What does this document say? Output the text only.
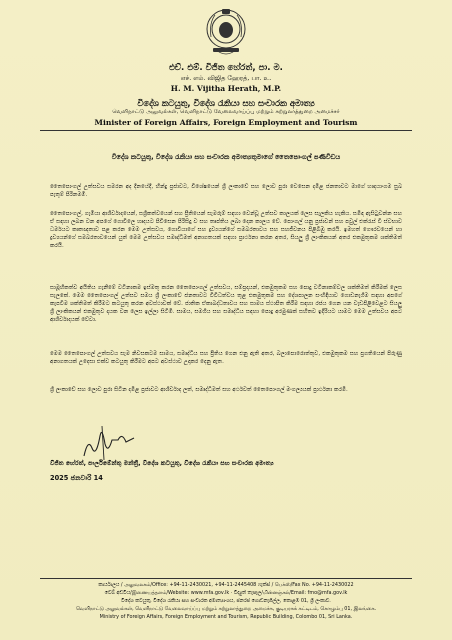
එච්. එම්. විජිත හේරත්, පා. ම.
எச். எம். விஜித ஹேரத், பா. உ.
H. M. Vijitha Herath, M.P.
විදේශ කටයුතු, විදේශ රැකියා සහ සංචාරක අමාත්‍ය
வெளிநாட்டு அலுவல்கள், வெளிநாட்டு வேலைவாய்ப்பு மற்றும் சுற்றுலாத்துறை அமைச்சர்
Minister of Foreign Affairs, Foreign Employment and Tourism
විදේශ කටයුතු, විදේශ රැකියා සහ සංචාරක අමාත්‍යතුමාගේ තෛපොංගල් පණිවිඩය
තෛපොංගල් උත්සවය සමරන අද දිනයේදී, හින්දු ප්‍රජාවට, විශේෂයෙන් ශ්‍රී ලංකාවේ සහ ලොව පුරා වෙසෙන දමිළ ජනතාවට මාගේ හෘදයාංගම සුබ පැතුම් පිරිනමමි.
තෛපොංගල්, ගැමියා ආශිර්වාදයෙන්, සශ්‍රීකත්වයෙන් සහ ප්‍රීතියෙන් සැමරුම් සඳහා වෙන්වූ උත්සව කාලයක් ලෙස සැලකිය හැකිය. සමිඳ ඇසිටුවන්න සහ ඒ සඳහා ලබන වන අපගේ ගොවිලෙ හෘදයට පිවිසෙන පිරිසිදු ව සහ තෘප්තිය ලබා දෙන කාලය වේ. පොංගල් යනු ප්‍රජාවන් සහ පවුල් එක්රැස් වී ස්වභාව ධර්මයට කෘතඥතාව පළ කරන මෙම උත්සවය, ගොවියාගේ සහ ද්‍රව්‍යයන්ගේ සමබරතාවය සහ සහජීවනය පිළිබිඹු කරයි. ඉමහත් ගෞරවයෙන් හා ද්‍රව්‍යයන්ගේ සමබරතාවයෙන් යුත් මෙම උත්සවය සමෘද්ධිමත් අනාගතයක් සඳහා ප්‍රාර්ථනා කරන අතර, සියලු ශ්‍රී ලාංකිකයන් අතර එකමුතුකම ශක්තිමත් කරයි.
සාමූහිකත්ව අයිතිය ගැනීමේ වටිනාකම ඉස්මතු කරන තෛපොංගල් උත්සවය, සම්ප්‍රදායන්, එකමුතුකම සහ පොදු වටිනාකම්වල ශක්තිමත් කිරීමක් ලෙස සැලකේ. මෙම තෛපොංගල් උත්සව සමය ශ්‍රී ලංකාවේ ජනතාවට විවිධත්වය තුළ එකමුතුකම සහ දේශපාලන සංහිඳියාව ගොඩනැගීම සඳහා අපගේ කැපවීම ශක්තිමත් කිරීමට කටයුතු කරන අවස්ථාවක් වේ. ජාතික ඒකාබද්ධතාවය සහ සාමය ස්ථාපිත කිරීම සඳහා රජය ගෙන යන වැඩපිළිවෙළට සියලු ශ්‍රී ලාංකිකයන් එකමුතුව දායක වන ලෙස ඉල්ලා සිටිමි. සාමය, සමගිය සහ සමෘද්ධිය සඳහා පොදු අරමුණක් සහිතව ඉදිරියට යාමට මෙම උත්සවය අපට ආශිර්වාදයක් වේවා.
මෙම තෛපොංගල් උත්සවය සැම නිවසකටම සාමය, සමෘද්ධිය සහ ප්‍රීතිය ගෙන එනු ඇති අතර, බලාපොරොත්තුව, එකමුතුකම සහ ප්‍රගතියෙන් පිරුණු අනාගතයක් උදෙසා එක්ව කටයුතු කිරීමට අපට අවස්ථාව උදාකර දෙනු ඇත.
ශ්‍රී ලංකාවේ සහ ලොව පුරා සිටින දමිළ ප්‍රජාවට ආශිර්වාද ලත්, සමෘද්ධිමත් සහ අර්ථවත් තෛපොංගල් මංගල්‍යයක් ප්‍රාර්ථනා කරමි.
විජිත හේරත්, පාර්ලිමේන්තු මන්ත්‍රී, විදේශ කටයුතු, විදේශ රැකියා සහ සංචාරක අමාත්‍ය
2025 ජනවාරි 14
කාර්යාලය / அலுவலகம்/Office: +94-11-2430021, +94-11-2445408 ෆැක්ස් / பெக்ஸ்/Fax No. +94-11-2430022
වෙබ් අඩවිය/இணையத்தளம்/Website: www.mfa.gov.lk · විද්‍යුත් තැපෑල/மின்னஞ்சல்/Email: fmo@mfa.gov.lk
විදේශ කටයුතු, විදේශ රැකියා සහ සංචාරක අමාත්‍යාංශය, ජනරජ ගොඩනැගිල්ල, කොළඹ 01, ශ්‍රී ලංකාව.
வெளிநாட்டு அலுவல்கள், வெளிநாட்டு வேலைவாய்ப்பு மற்றும் சுற்றுலாத்துறை அமைச்சு, குடியரசுக் கட்டிடம், கொழும்பு 01, இலங்கை.
Ministry of Foreign Affairs, Foreign Employment and Tourism, Republic Building, Colombo 01, Sri Lanka.
